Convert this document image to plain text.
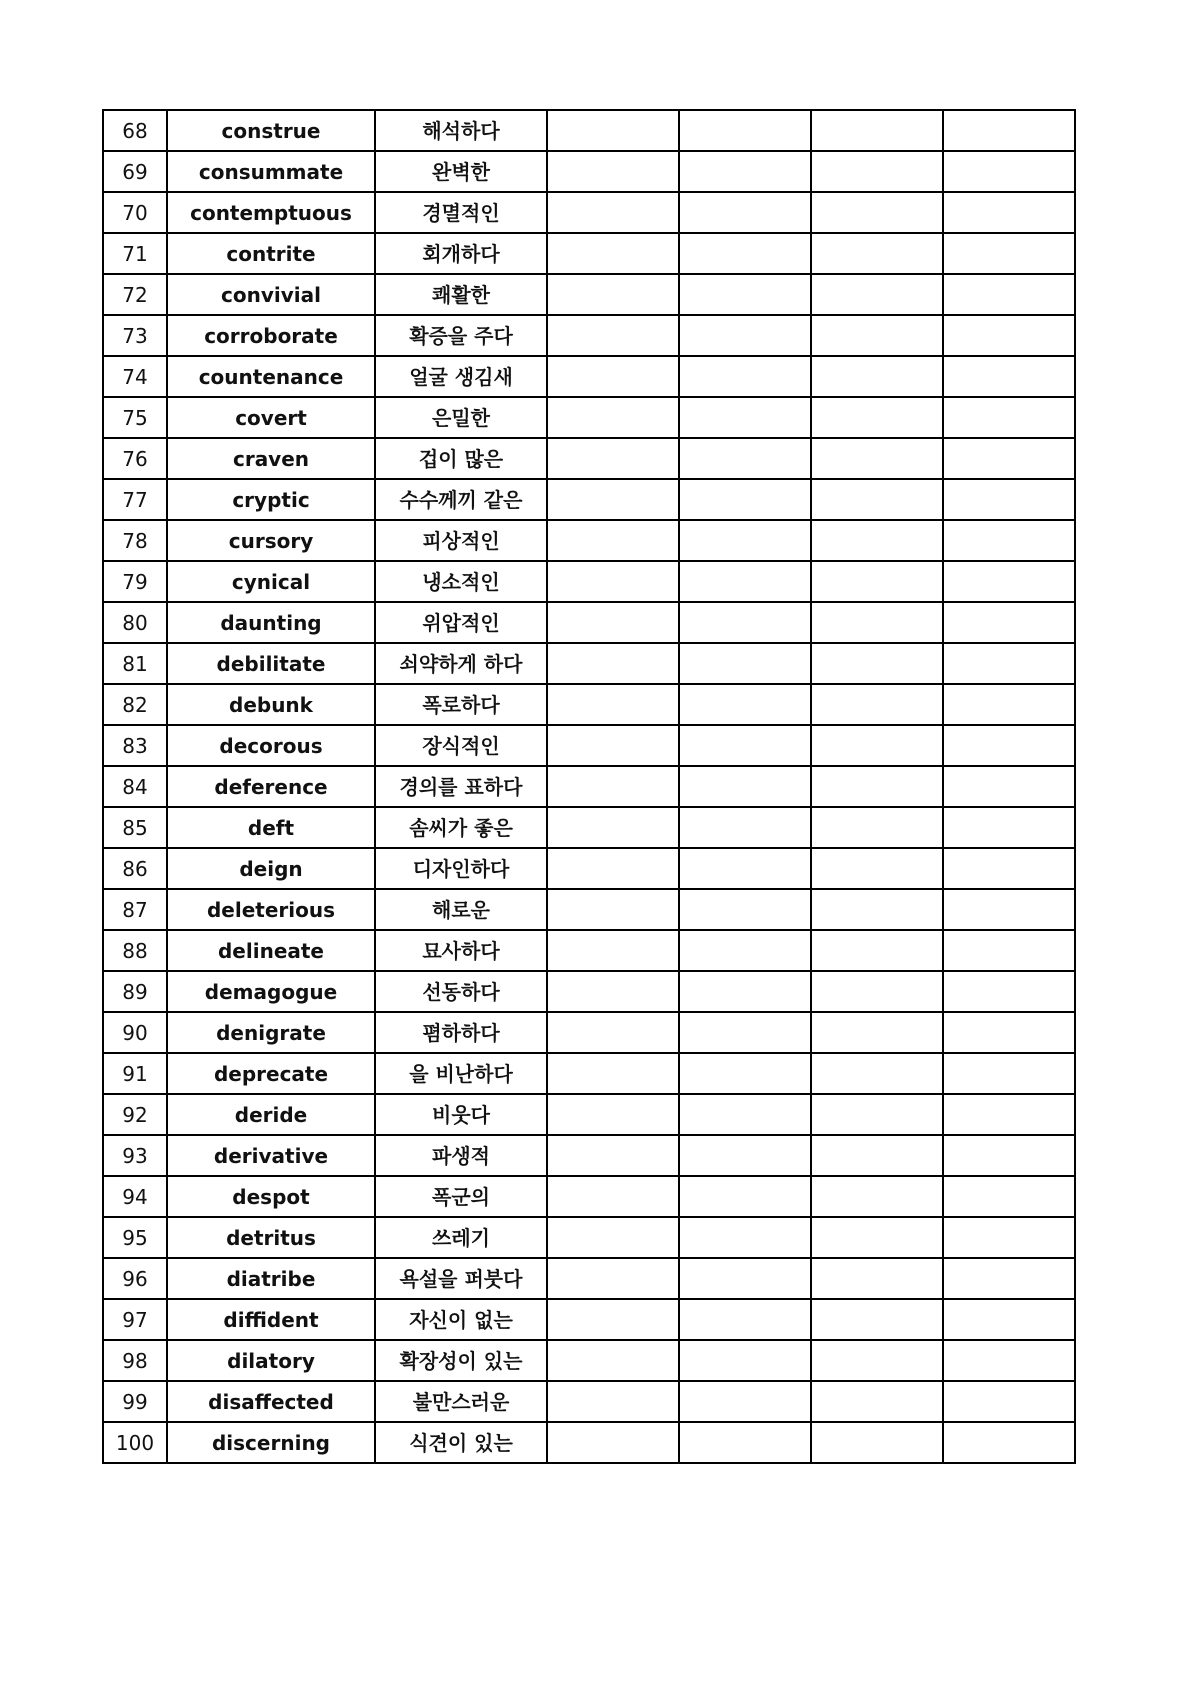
68	construe	해석하다				
69	consummate	완벽한				
70	contemptuous	경멸적인				
71	contrite	회개하다				
72	convivial	쾌활한				
73	corroborate	확증을 주다				
74	countenance	얼굴 생김새				
75	covert	은밀한				
76	craven	겁이 많은				
77	cryptic	수수께끼 같은				
78	cursory	피상적인				
79	cynical	냉소적인				
80	daunting	위압적인				
81	debilitate	쇠약하게 하다				
82	debunk	폭로하다				
83	decorous	장식적인				
84	deference	경의를 표하다				
85	deft	솜씨가 좋은				
86	deign	디자인하다				
87	deleterious	해로운				
88	delineate	묘사하다				
89	demagogue	선동하다				
90	denigrate	폄하하다				
91	deprecate	을 비난하다				
92	deride	비웃다				
93	derivative	파생적				
94	despot	폭군의				
95	detritus	쓰레기				
96	diatribe	욕설을 퍼붓다				
97	diffident	자신이 없는				
98	dilatory	확장성이 있는				
99	disaffected	불만스러운				
100	discerning	식견이 있는				
